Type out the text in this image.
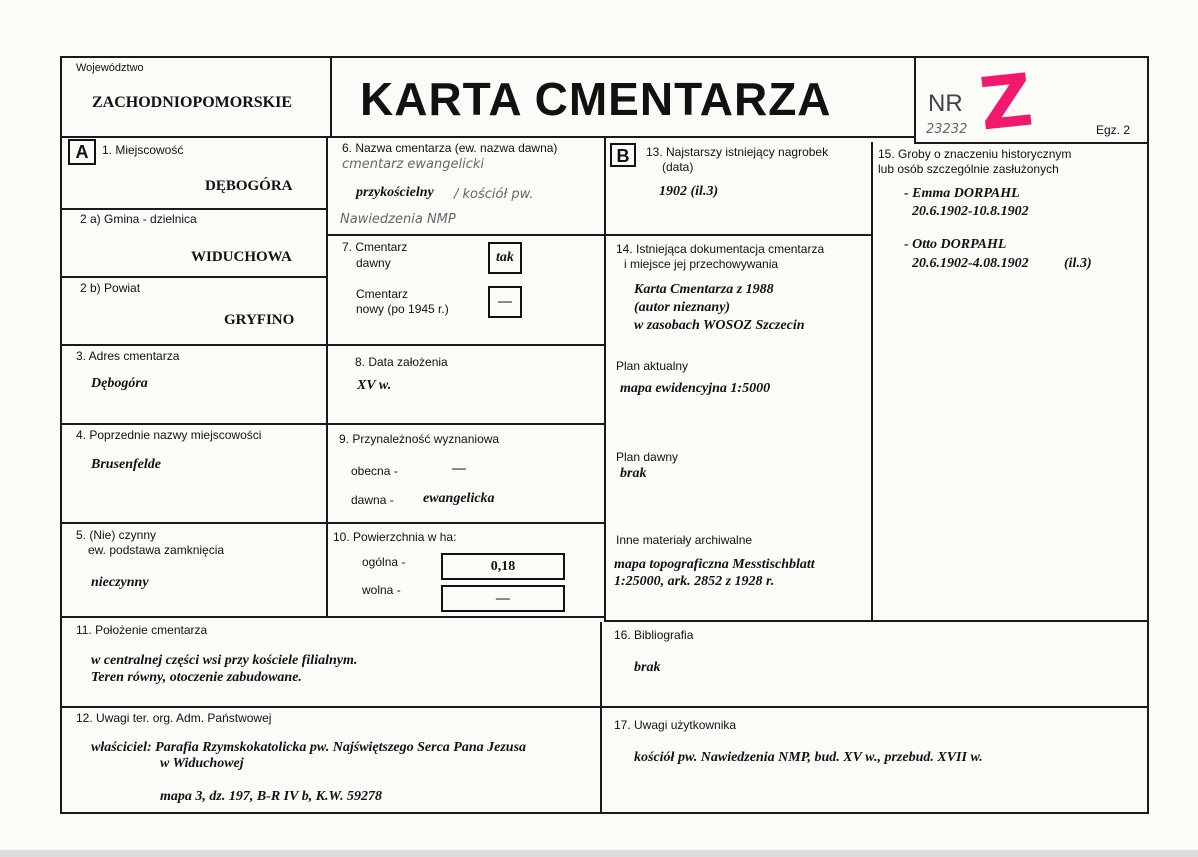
Województwo
ZACHODNIOPOMORSKIE KARTA CMENTARZA	NR Z
23232	Egz. 2
A	1. Miejscowość
DĘBOGÓRA
2 a) Gmina - dzielnica
WIDUCHOWA
2 b) Powiat
GRYFINO
3. Adres cmentarza
Dębogóra
4. Poprzednie nazwy miejscowości
Brusenfelde
5. (Nie) czynny
ew. podstawa zamknięcia
nieczynny
6. Nazwa cmentarza (ew. nazwa dawna)
cmentarz ewangelicki
przykościelny / kościół pw.
Nawiedzenia NMP
7. Cmentarz
dawny	tak
Cmentarz
nowy (po 1945 r.)	—
8. Data założenia
XV w.
9. Przynależność wyznaniowa
obecna -	—
dawna - ewangelicka
10. Powierzchnia w ha:
ogólna -	0,18
wolna -
—
B	13. Najstarszy istniejący nagrobek
(data)
1902 (il.3)
14. Istniejąca dokumentacja cmentarza
i miejsce jej przechowywania
Karta Cmentarza z 1988
(autor nieznany)
w zasobach WOSOZ Szczecin
Plan aktualny
mapa ewidencyjna 1:5000
Plan dawny
brak
Inne materiały archiwalne
mapa topograficzna Messtischblatt
1:25000, ark. 2852 z 1928 r.
15. Groby o znaczeniu historycznym
lub osób szczególnie zasłużonych
- Emma DORPAHL
20.6.1902-10.8.1902
- Otto DORPAHL
20.6.1902-4.08.1902	(il.3)
11. Położenie cmentarza
w centralnej części wsi przy kościele filialnym.
Teren równy, otoczenie zabudowane.
12. Uwagi ter. org. Adm. Państwowej
właściciel: Parafia Rzymskokatolicka pw. Najświętszego Serca Pana Jezusa
w Widuchowej
mapa 3, dz. 197, B-R IV b, K.W. 59278
16. Bibliografia
brak
17. Uwagi użytkownika
kościół pw. Nawiedzenia NMP, bud. XV w., przebud. XVII w.
